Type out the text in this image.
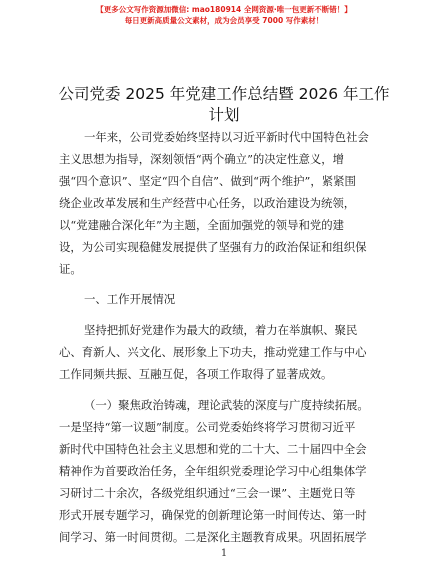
【更多公文写作资源加微信: mao180914 全网资源·唯一包更新不断错！】
每日更新高质量公文素材，成为会员享受 7000 写作素材！
公司党委 2025 年党建工作总结暨 2026 年工作
计划
一年来，公司党委始终坚持以习近平新时代中国特色社会
主义思想为指导，深刻领悟“两个确立”的决定性意义，增
强“四个意识”、坚定“四个自信”、做到“两个维护”，紧紧围
绕企业改革发展和生产经营中心任务，以政治建设为统领，
以“党建融合深化年”为主题，全面加强党的领导和党的建
设，为公司实现稳健发展提供了坚强有力的政治保证和组织保
证。
一、工作开展情况
坚持把抓好党建作为最大的政绩，着力在举旗帜、聚民
心、育新人、兴文化、展形象上下功夫，推动党建工作与中心
工作同频共振、互融互促，各项工作取得了显著成效。
（一）聚焦政治铸魂，理论武装的深度与广度持续拓展。
一是坚持“第一议题”制度。公司党委始终将学习贯彻习近平
新时代中国特色社会主义思想和党的二十大、二十届四中全会
精神作为首要政治任务，全年组织党委理论学习中心组集体学
习研讨二十余次，各级党组织通过“三会一课”、主题党日等
形式开展专题学习，确保党的创新理论第一时间传达、第一时
间学习、第一时间贯彻。二是深化主题教育成果。巩固拓展学
1
